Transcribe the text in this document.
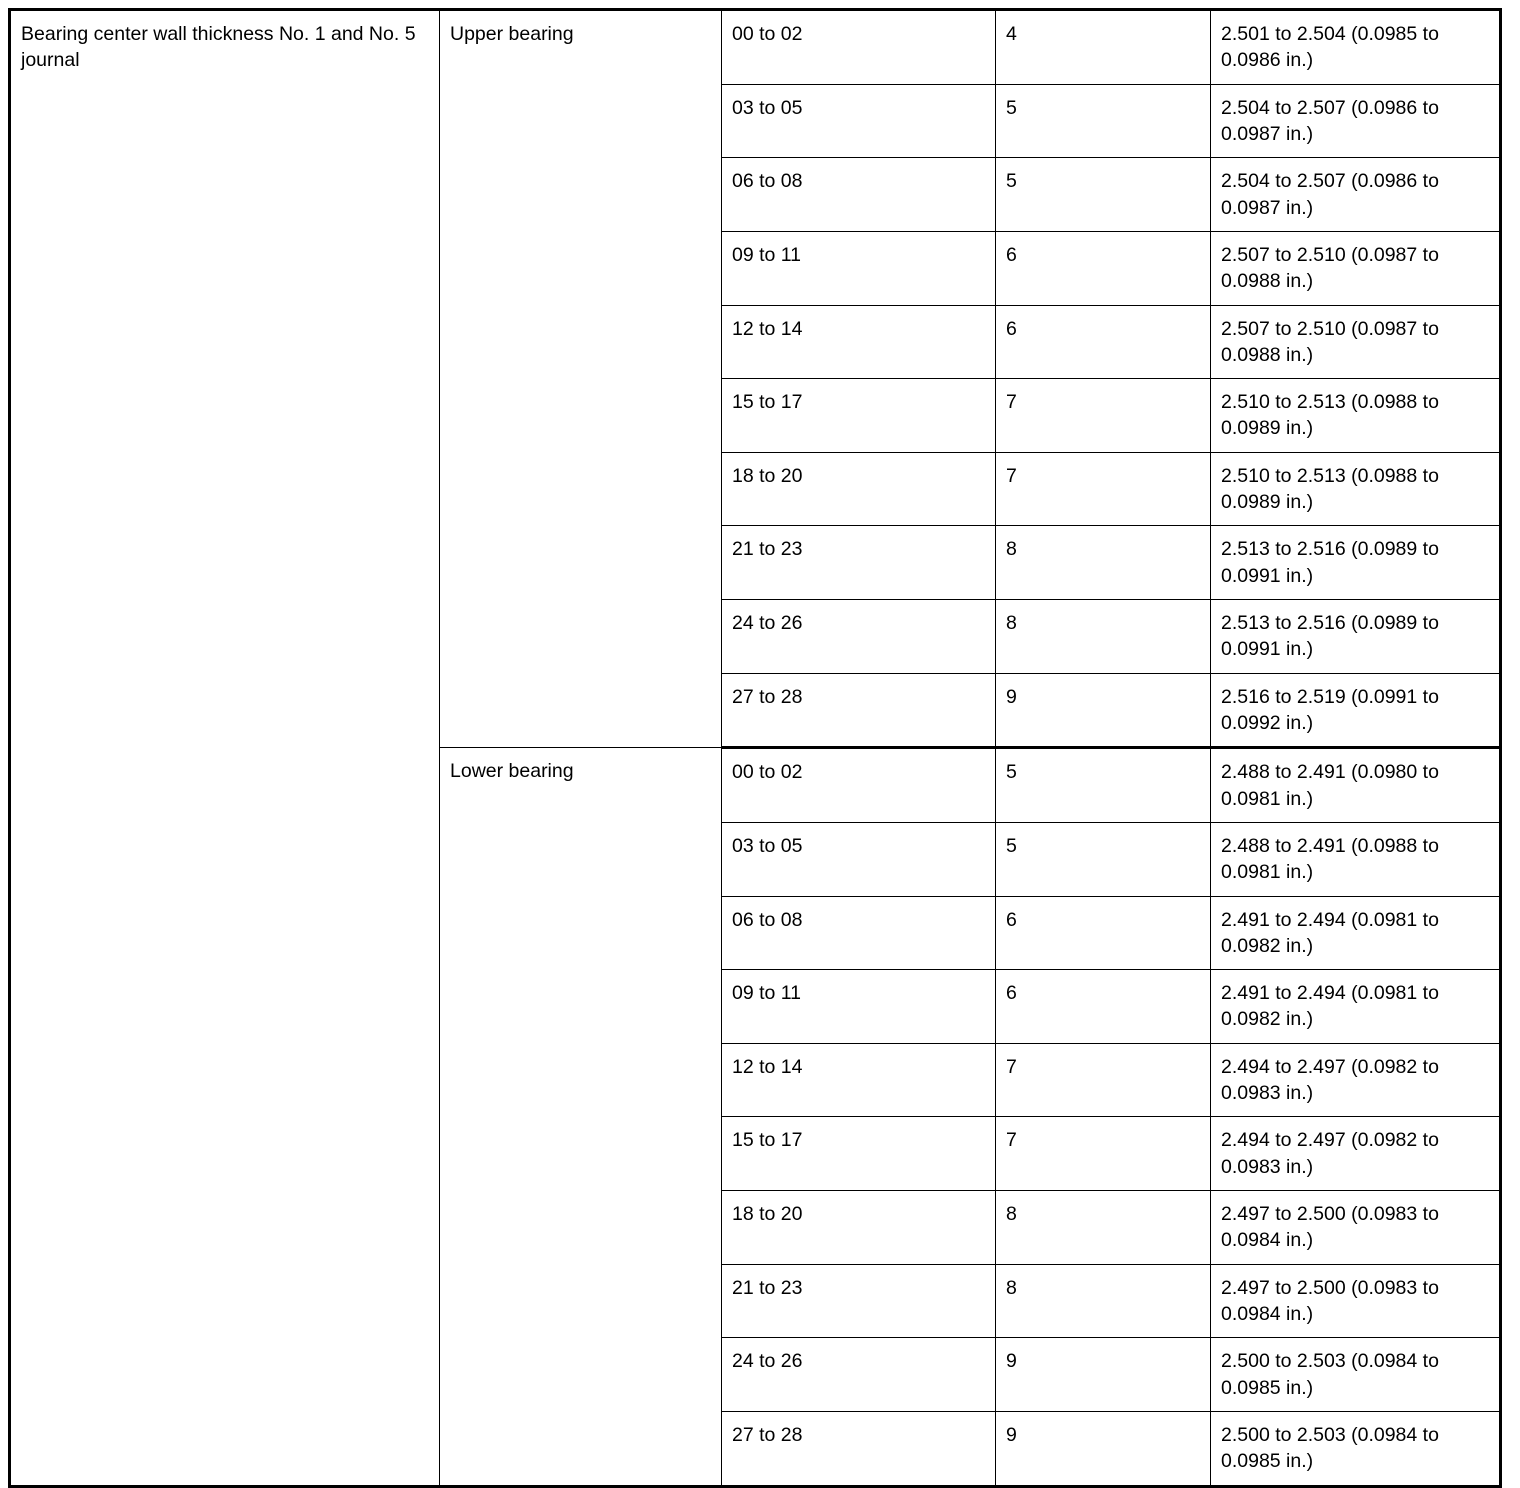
Bearing center wall thickness No. 1 and No. 5 journal	Upper bearing	00 to 02	4	2.501 to 2.504 (0.0985 to 0.0986 in.)
		03 to 05	5	2.504 to 2.507 (0.0986 to 0.0987 in.)
		06 to 08	5	2.504 to 2.507 (0.0986 to 0.0987 in.)
		09 to 11	6	2.507 to 2.510 (0.0987 to 0.0988 in.)
		12 to 14	6	2.507 to 2.510 (0.0987 to 0.0988 in.)
		15 to 17	7	2.510 to 2.513 (0.0988 to 0.0989 in.)
		18 to 20	7	2.510 to 2.513 (0.0988 to 0.0989 in.)
		21 to 23	8	2.513 to 2.516 (0.0989 to 0.0991 in.)
		24 to 26	8	2.513 to 2.516 (0.0989 to 0.0991 in.)
		27 to 28	9	2.516 to 2.519 (0.0991 to 0.0992 in.)
	Lower bearing	00 to 02	5	2.488 to 2.491 (0.0980 to 0.0981 in.)
		03 to 05	5	2.488 to 2.491 (0.0988 to 0.0981 in.)
		06 to 08	6	2.491 to 2.494 (0.0981 to 0.0982 in.)
		09 to 11	6	2.491 to 2.494 (0.0981 to 0.0982 in.)
		12 to 14	7	2.494 to 2.497 (0.0982 to 0.0983 in.)
		15 to 17	7	2.494 to 2.497 (0.0982 to 0.0983 in.)
		18 to 20	8	2.497 to 2.500 (0.0983 to 0.0984 in.)
		21 to 23	8	2.497 to 2.500 (0.0983 to 0.0984 in.)
		24 to 26	9	2.500 to 2.503 (0.0984 to 0.0985 in.)
		27 to 28	9	2.500 to 2.503 (0.0984 to 0.0985 in.)
